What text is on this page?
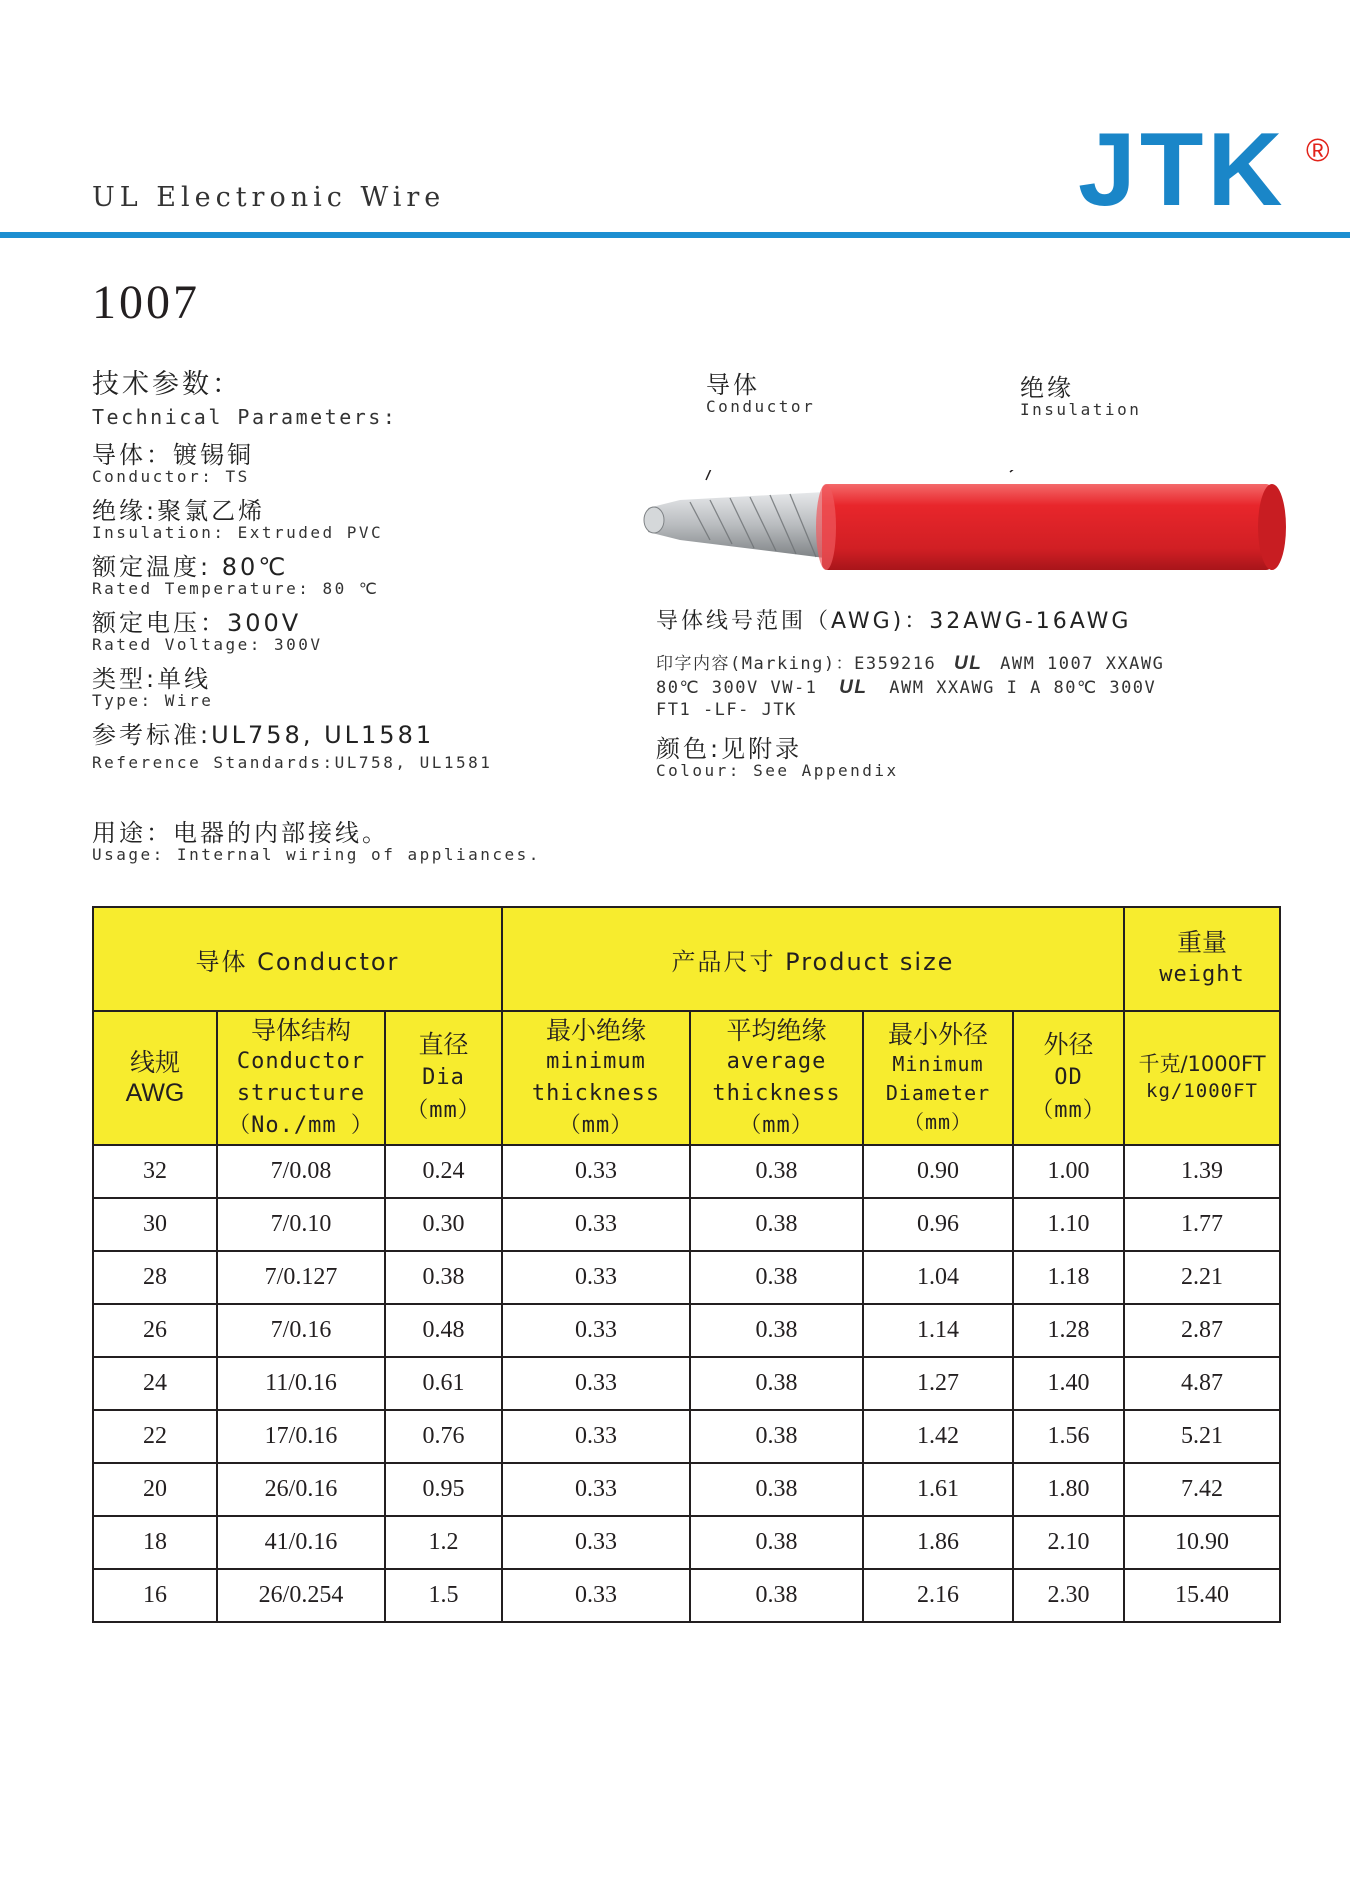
UL Electronic Wire	JTK ®
1007
技术参数：
Technical Parameters:
导体：镀锡铜
Conductor: TS
绝缘:聚氯乙烯
Insulation: Extruded PVC
额定温度: 80℃
Rated Temperature: 80 ℃
额定电压：300V
Rated Voltage: 300V
类型:单线
Type: Wire
参考标准:UL758, UL1581
Reference Standards:UL758, UL1581
用途：电器的内部接线。
Usage: Internal wiring of appliances.
导体
Conductor
绝缘
Insulation
导体线号范围（AWG)：32AWG-16AWG
印字内容(Marking)：E359216 UL AWM 1007 XXAWG
80℃ 300V VW-1 UL AWM XXAWG I A 80℃ 300V
FT1 -LF- JTK
颜色:见附录
Colour: See Appendix
导体 Conductor			产品尺寸 Product size				重量
weight

线规
AWG	导体结构
Conductor
structure
（No./mm ）	直径
Dia
（mm）	最小绝缘
minimum
thickness
（mm）	平均绝缘
average
thickness
（mm）	最小外径
Minimum
Diameter
（mm）	外径
OD
（mm）	千克/1000FT
kg/1000FT

32	7/0.08	0.24	0.33	0.38	0.90	1.00	1.39
30	7/0.10	0.30	0.33	0.38	0.96	1.10	1.77
28	7/0.127	0.38	0.33	0.38	1.04	1.18	2.21
26	7/0.16	0.48	0.33	0.38	1.14	1.28	2.87
24	11/0.16	0.61	0.33	0.38	1.27	1.40	4.87
22	17/0.16	0.76	0.33	0.38	1.42	1.56	5.21
20	26/0.16	0.95	0.33	0.38	1.61	1.80	7.42
18	41/0.16	1.2	0.33	0.38	1.86	2.10	10.90
16	26/0.254	1.5	0.33	0.38	2.16	2.30	15.40
